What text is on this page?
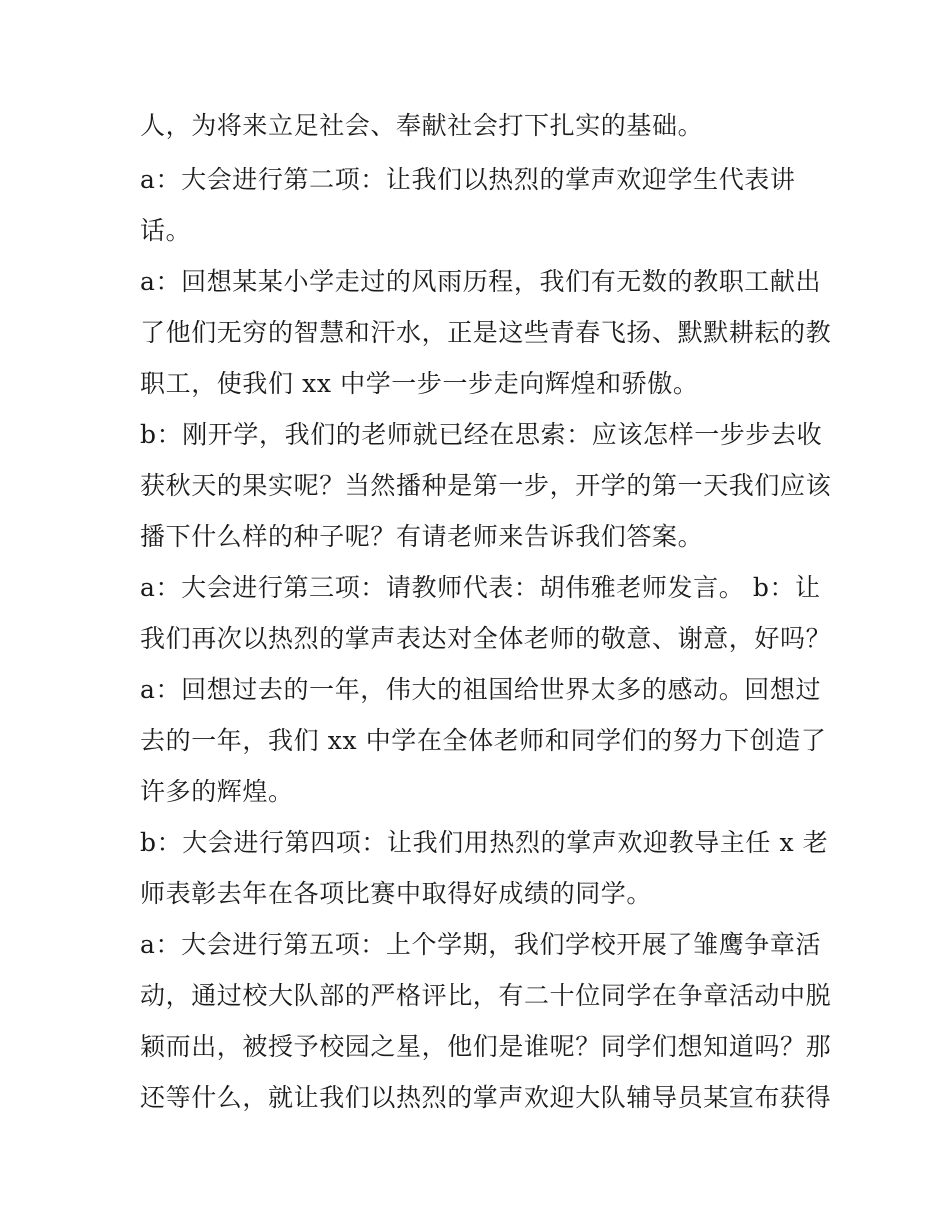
人，为将来立足社会、奉献社会打下扎实的基础。
a：大会进行第二项：让我们以热烈的掌声欢迎学生代表讲
话。
a：回想某某小学走过的风雨历程，我们有无数的教职工献出
了他们无穷的智慧和汗水，正是这些青春飞扬、默默耕耘的教
职工，使我们 xx 中学一步一步走向辉煌和骄傲。
b：刚开学，我们的老师就已经在思索：应该怎样一步步去收
获秋天的果实呢？当然播种是第一步，开学的第一天我们应该
播下什么样的种子呢？有请老师来告诉我们答案。
a：大会进行第三项：请教师代表：胡伟雅老师发言。 b：让
我们再次以热烈的掌声表达对全体老师的敬意、谢意，好吗？
a：回想过去的一年，伟大的祖国给世界太多的感动。回想过
去的一年，我们 xx 中学在全体老师和同学们的努力下创造了
许多的辉煌。
b：大会进行第四项：让我们用热烈的掌声欢迎教导主任 x 老
师表彰去年在各项比赛中取得好成绩的同学。
a：大会进行第五项：上个学期，我们学校开展了雏鹰争章活
动，通过校大队部的严格评比，有二十位同学在争章活动中脱
颖而出，被授予校园之星，他们是谁呢？同学们想知道吗？那
还等什么，就让我们以热烈的掌声欢迎大队辅导员某宣布获得
